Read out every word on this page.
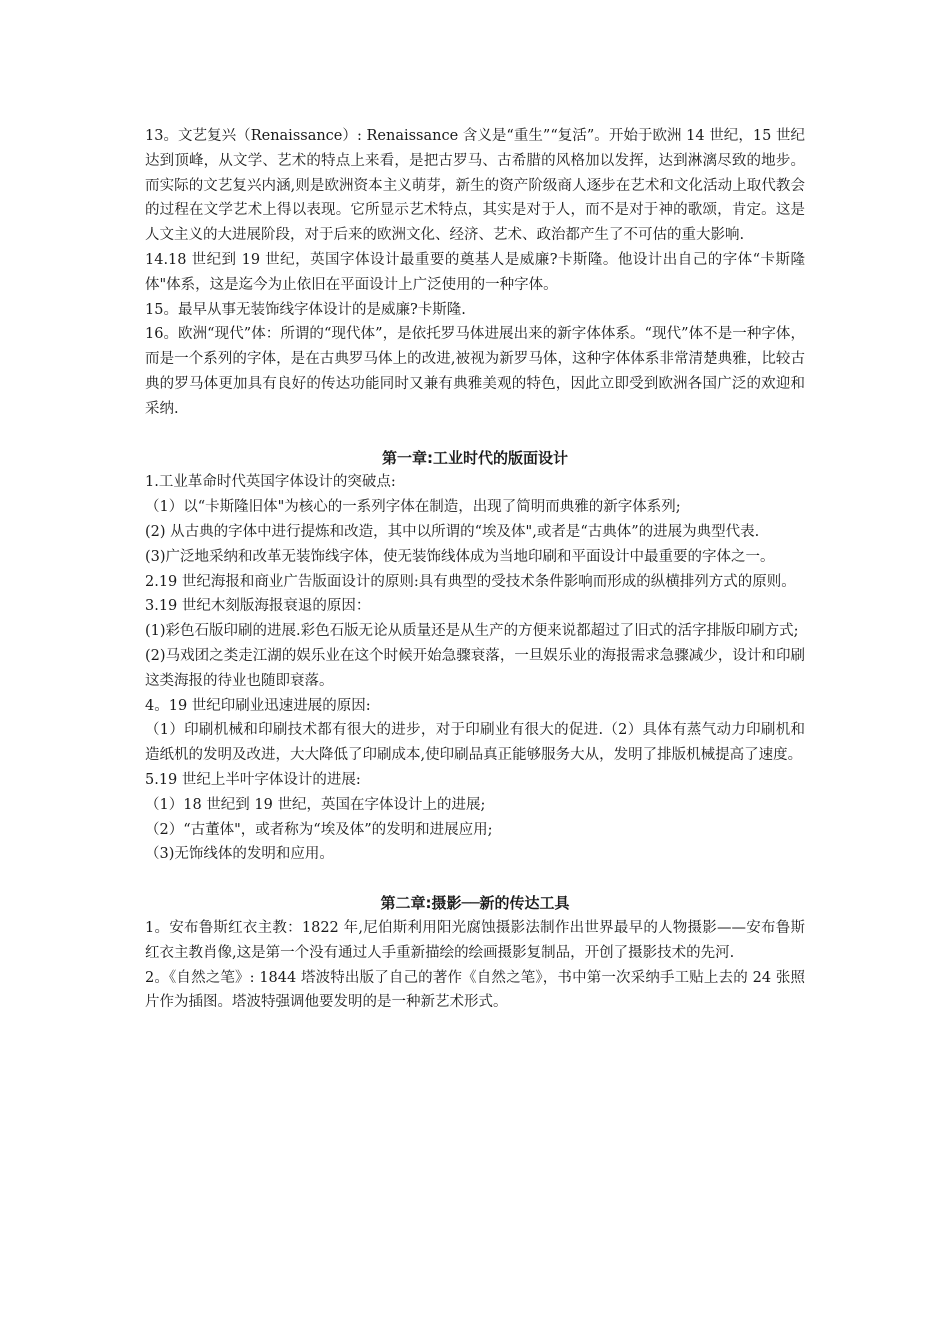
13。文艺复兴（Renaissance）: Renaissance 含义是“重生”“复活”。开始于欧洲 14 世纪，15 世纪达到顶峰，从文学、艺术的特点上来看，是把古罗马、古希腊的风格加以发挥，达到淋漓尽致的地步。而实际的文艺复兴内涵,则是欧洲资本主义萌芽，新生的资产阶级商人逐步在艺术和文化活动上取代教会的过程在文学艺术上得以表现。它所显示艺术特点，其实是对于人，而不是对于神的歌颂，肯定。这是人文主义的大进展阶段，对于后来的欧洲文化、经济、艺术、政治都产生了不可估的重大影响.

14.18 世纪到 19 世纪，英国字体设计最重要的奠基人是威廉?卡斯隆。他设计出自己的字体“卡斯隆体"体系，这是迄今为止依旧在平面设计上广泛使用的一种字体。

15。最早从事无装饰线字体设计的是威廉?卡斯隆.

16。欧洲“现代”体：所谓的“现代体”，是依托罗马体进展出来的新字体体系。“现代”体不是一种字体，而是一个系列的字体，是在古典罗马体上的改进,被视为新罗马体，这种字体体系非常清楚典雅，比较古典的罗马体更加具有良好的传达功能同时又兼有典雅美观的特色，因此立即受到欧洲各国广泛的欢迎和采纳.

第一章:工业时代的版面设计

1.工业革命时代英国字体设计的突破点:

（1）以“卡斯隆旧体"为核心的一系列字体在制造，出现了简明而典雅的新字体系列;

(2) 从古典的字体中进行提炼和改造，其中以所谓的“埃及体",或者是“古典体”的进展为典型代表.

(3)广泛地采纳和改革无装饰线字体，使无装饰线体成为当地印刷和平面设计中最重要的字体之一。

2.19 世纪海报和商业广告版面设计的原则:具有典型的受技术条件影响而形成的纵横排列方式的原则。

3.19 世纪木刻版海报衰退的原因：

(1)彩色石版印刷的进展.彩色石版无论从质量还是从生产的方便来说都超过了旧式的活字排版印刷方式;

(2)马戏团之类走江湖的娱乐业在这个时候开始急骤衰落，一旦娱乐业的海报需求急骤减少，设计和印刷这类海报的待业也随即衰落。

4。19 世纪印刷业迅速进展的原因:

（1）印刷机械和印刷技术都有很大的进步，对于印刷业有很大的促进.（2）具体有蒸气动力印刷机和造纸机的发明及改进，大大降低了印刷成本,使印刷品真正能够服务大从，发明了排版机械提高了速度。

5.19 世纪上半叶字体设计的进展:

（1）18 世纪到 19 世纪，英国在字体设计上的进展;

（2）“古董体"，或者称为“埃及体”的发明和进展应用;

（3)无饰线体的发明和应用。

第二章:摄影──新的传达工具

1。安布鲁斯红衣主教：1822 年,尼伯斯利用阳光腐蚀摄影法制作出世界最早的人物摄影——安布鲁斯红衣主教肖像,这是第一个没有通过人手重新描绘的绘画摄影复制品，开创了摄影技术的先河.

2。《自然之笔》: 1844 塔波特出版了自己的著作《自然之笔》，书中第一次采纳手工贴上去的 24 张照片作为插图。塔波特强调他要发明的是一种新艺术形式。
